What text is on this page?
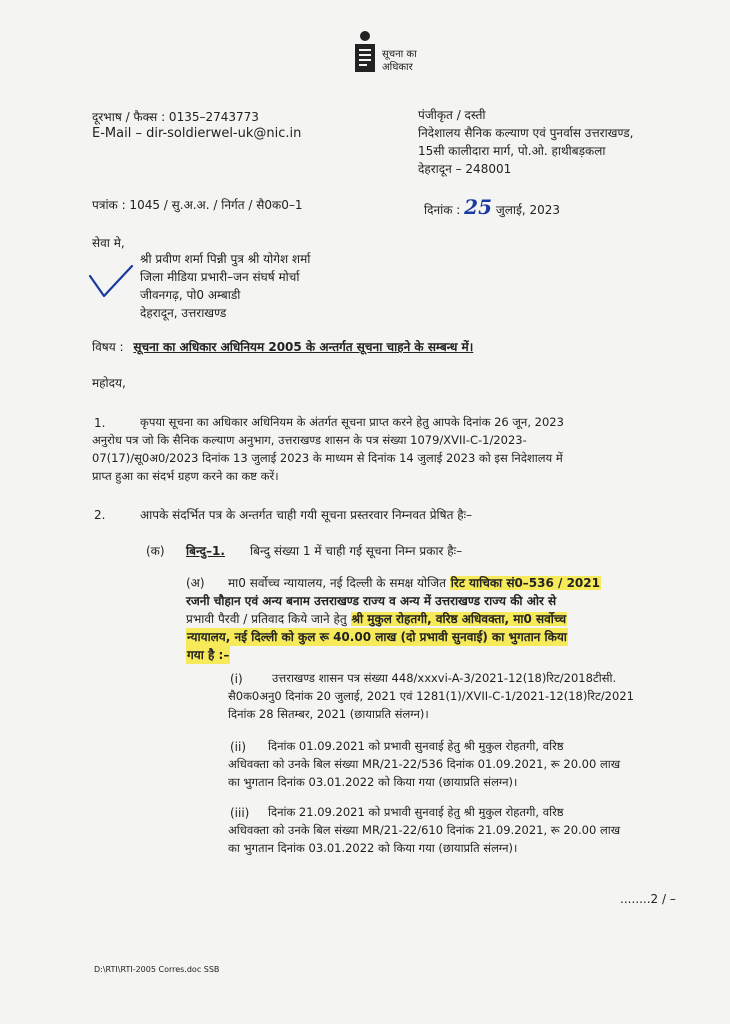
सूचना का
अधिकार
दूरभाष / फैक्स : 0135–2743773
E-Mail – dir-soldierwel-uk@nic.in
पंजीकृत / दस्ती
निदेशालय सैनिक कल्याण एवं पुनर्वास उत्तराखण्ड,
15सी कालीदारा मार्ग, पो.ओ. हाथीबड़कला
देहरादून – 248001
पत्रांक : 1045 / सु.अ.अ. / निर्गत / सै0क0–1	दिनांक : 25 जुलाई, 2023
सेवा मे,
श्री प्रवीण शर्मा पिन्नी पुत्र श्री योगेश शर्मा
जिला मीडिया प्रभारी–जन संघर्ष मोर्चा
जीवनगढ़, पो0 अम्बाडी
देहरादून, उत्तराखण्ड
विषय : सूचना का अधिकार अधिनियम 2005 के अन्तर्गत सूचना चाहने के सम्बन्ध में।
महोदय,
1.	कृपया सूचना का अधिकार अधिनियम के अंतर्गत सूचना प्राप्त करने हेतु आपके दिनांक 26 जून, 2023
अनुरोध पत्र जो कि सैनिक कल्याण अनुभाग, उत्तराखण्ड शासन के पत्र संख्या 1079/XVII-C-1/2023-
07(17)/सू0अ0/2023 दिनांक 13 जुलाई 2023 के माध्यम से दिनांक 14 जुलाई 2023 को इस निदेशालय में
प्राप्त हुआ का संदर्भ ग्रहण करने का कष्ट करें।
2.	आपके संदर्भित पत्र के अन्तर्गत चाही गयी सूचना प्रस्तरवार निम्नवत प्रेषित हैः–
(क) बिन्दु–1. बिन्दु संख्या 1 में चाही गई सूचना निम्न प्रकार हैः–
(अ) मा0 सर्वोच्च न्यायालय, नई दिल्ली के समक्ष योजित रिट याचिका सं0–536 / 2021
रजनी चौहान एवं अन्य बनाम उत्तराखण्ड राज्य व अन्य में उत्तराखण्ड राज्य की ओर से
प्रभावी पैरवी / प्रतिवाद किये जाने हेतु श्री मुकुल रोहतगी, वरिष्ठ अधिवक्ता, मा0 सर्वोच्च
न्यायालय, नई दिल्ली को कुल रू 40.00 लाख (दो प्रभावी सुनवाई) का भुगतान किया
गया है :–
(i)	उत्तराखण्ड शासन पत्र संख्या 448/xxxvi-A-3/2021-12(18)रिट/2018टीसी.
सै0क0अनु0 दिनांक 20 जुलाई, 2021 एवं 1281(1)/XVII-C-1/2021-12(18)रिट/2021
दिनांक 28 सितम्बर, 2021 (छायाप्रति संलग्न)।
(ii) दिनांक 01.09.2021 को प्रभावी सुनवाई हेतु श्री मुकुल रोहतगी, वरिष्ठ
अधिवक्ता को उनके बिल संख्या MR/21-22/536 दिनांक 01.09.2021, रू 20.00 लाख
का भुगतान दिनांक 03.01.2022 को किया गया (छायाप्रति संलग्न)।
(iii) दिनांक 21.09.2021 को प्रभावी सुनवाई हेतु श्री मुकुल रोहतगी, वरिष्ठ
अधिवक्ता को उनके बिल संख्या MR/21-22/610 दिनांक 21.09.2021, रू 20.00 लाख
का भुगतान दिनांक 03.01.2022 को किया गया (छायाप्रति संलग्न)।
........2 / –
D:\RTI\RTI-2005 Corres.doc SSB
